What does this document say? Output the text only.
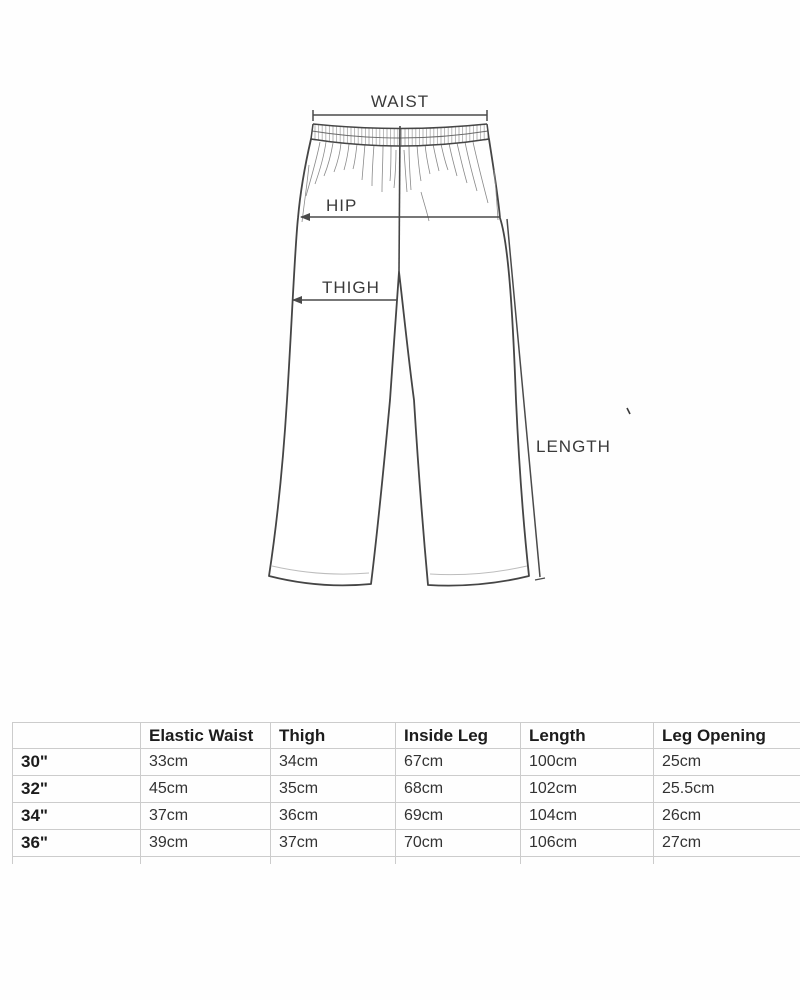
WAIST
HIP
THIGH
LENGTH
	Elastic Waist	Thigh	Inside Leg	Length	Leg Opening
30"	33cm	34cm	67cm	100cm	25cm
32"	45cm	35cm	68cm	102cm	25.5cm
34"	37cm	36cm	69cm	104cm	26cm
36"	39cm	37cm	70cm	106cm	27cm
